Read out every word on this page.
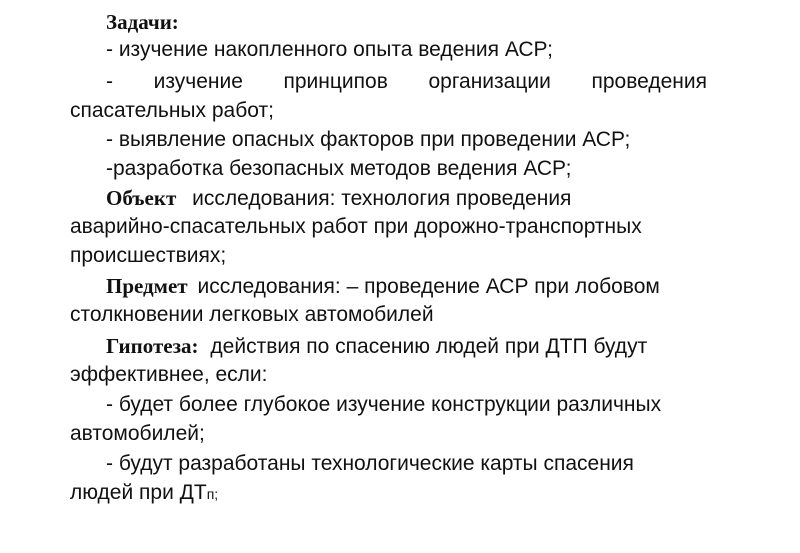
Задачи:
- изучение накопленного опыта ведения АСР;
- изучение принципов организации проведения
спасательных работ;
- выявление опасных факторов при проведении АСР;
-разработка безопасных методов ведения АСР;
Объект исследования: технология проведения
аварийно-спасательных работ при дорожно-транспортных
происшествиях;
Предмет исследования: – проведение АСР при лобовом
столкновении легковых автомобилей
Гипотеза: действия по спасению людей при ДТП будут
эффективнее, если:
- будет более глубокое изучение конструкции различных
автомобилей;
- будут разработаны технологические карты спасения
людей при ДТп;
